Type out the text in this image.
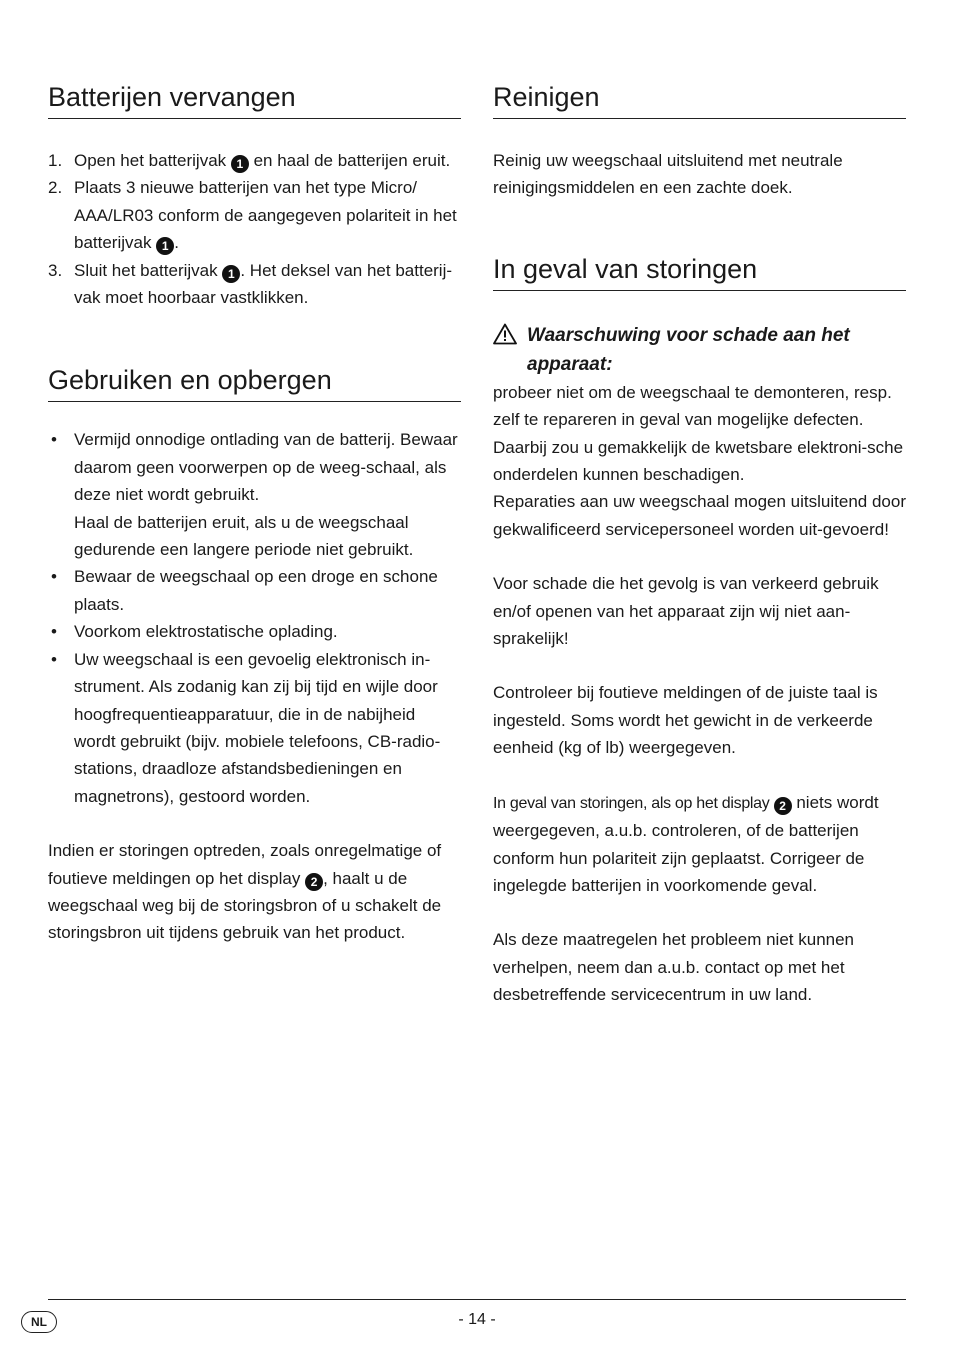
Batterijen vervangen
1. Open het batterijvak 1 en haal de batterijen eruit.
2. Plaats 3 nieuwe batterijen van het type Micro/ AAA/LR03 conform de aangegeven polariteit in het batterijvak 1 .
3. Sluit het batterijvak 1 . Het deksel van het batterij-vak moet hoorbaar vastklikken.
Gebruiken en opbergen
• Vermijd onnodige ontlading van de batterij. Bewaar daarom geen voorwerpen op de weeg-schaal, als deze niet wordt gebruikt.
Haal de batterijen eruit, als u de weegschaal gedurende een langere periode niet gebruikt.
• Bewaar de weegschaal op een droge en schone plaats.
• Voorkom elektrostatische oplading.
• Uw weegschaal is een gevoelig elektronisch in-strument. Als zodanig kan zij bij tijd en wijle door hoogfrequentieapparatuur, die in de nabijheid wordt gebruikt (bijv. mobiele telefoons, CB-radio-stations, draadloze afstandsbedieningen en magnetrons), gestoord worden.
Indien er storingen optreden, zoals onregelmatige of foutieve meldingen op het display 2 , haalt u de weegschaal weg bij de storingsbron of u schakelt de storingsbron uit tijdens gebruik van het product.
Reinigen
Reinig uw weegschaal uitsluitend met neutrale reinigingsmiddelen en een zachte doek.
In geval van storingen
Waarschuwing voor schade aan het apparaat:
probeer niet om de weegschaal te demonteren, resp. zelf te repareren in geval van mogelijke defecten. Daarbij zou u gemakkelijk de kwetsbare elektroni-sche onderdelen kunnen beschadigen.
Reparaties aan uw weegschaal mogen uitsluitend door gekwalificeerd servicepersoneel worden uit-gevoerd!
Voor schade die het gevolg is van verkeerd gebruik en/of openen van het apparaat zijn wij niet aan-sprakelijk!
Controleer bij foutieve meldingen of de juiste taal is ingesteld. Soms wordt het gewicht in de verkeerde eenheid (kg of lb) weergegeven.
In geval van storingen, als op het display 2 niets wordt weergegeven, a.u.b. controleren, of de batterijen conform hun polariteit zijn geplaatst. Corrigeer de ingelegde batterijen in voorkomende geval.
Als deze maatregelen het probleem niet kunnen verhelpen, neem dan a.u.b. contact op met het desbetreffende servicecentrum in uw land.
NL	- 14 -
